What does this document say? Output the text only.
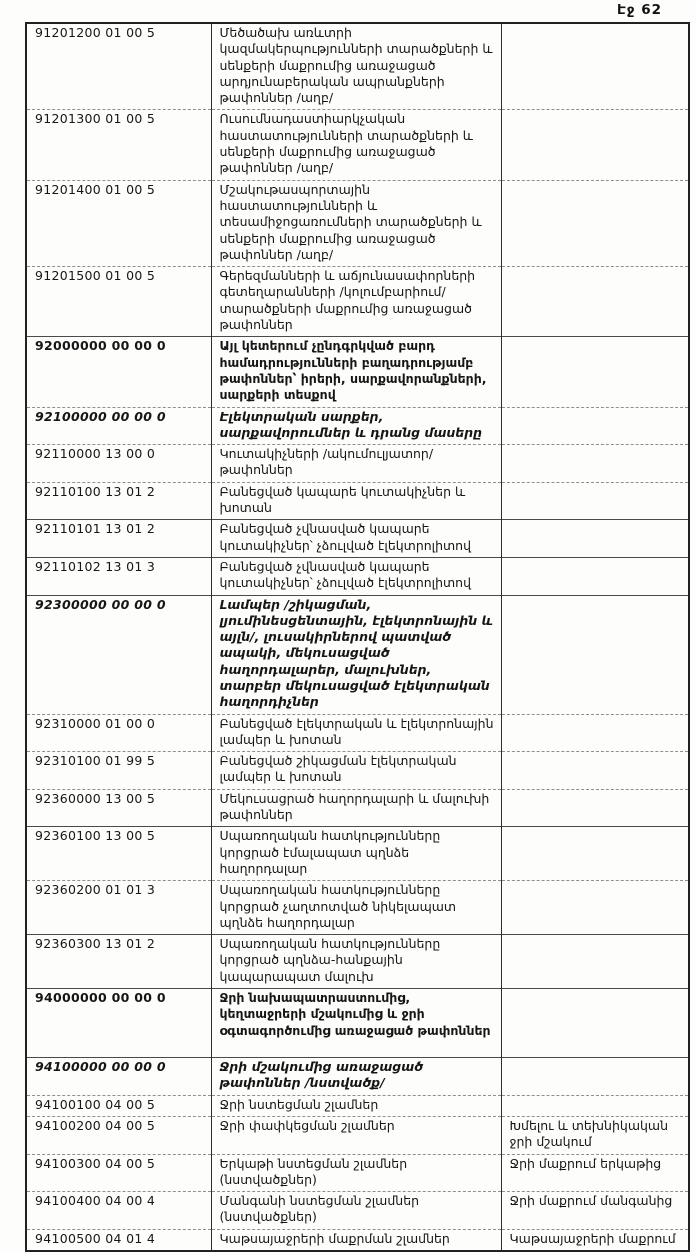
Էջ 62
91201200 01 00 5	Մեծածախ առևտրի կազմակերպությունների տարածքների և սենքերի մաքրումից առաջացած արդյունաբերական ապրանքների թափոններ /աղբ/	
91201300 01 00 5	Ուսումնադաստիարկչական հաստատությունների տարածքների և սենքերի մաքրումից առաջացած թափոններ /աղբ/	
91201400 01 00 5	Մշակութասպորտային հաստատությունների և տեսամիջոցառումների տարածքների և սենքերի մաքրումից առաջացած թափոններ /աղբ/	
91201500 01 00 5	Գերեզմանների և աճյունասափորների գետեղարանների /կոլումբարիում/ տարածքների մաքրումից առաջացած թափոններ	
92000000 00 00 0	Այլ կետերում չընդգրկված բարդ համադրությունների բաղադրությամբ թափոններ՝ իրերի, սարքավորանքների, սարքերի տեսքով	
92100000 00 00 0	Էլեկտրական սարքեր, սարքավորումներ և դրանց մասերը	
92110000 13 00 0	Կուտակիչների /ակումուլյատոր/ թափոններ	
92110100 13 01 2	Բանեցված կապարե կուտակիչներ և խոտան	
92110101 13 01 2	Բանեցված չվնասված կապարե կուտակիչներ՝ չձուլված էլեկտրոլիտով	
92110102 13 01 3	Բանեցված չվնասված կապարե կուտակիչներ՝ չձուլված էլեկտրոլիտով	
92300000 00 00 0	Լամպեր /շիկացման, լյումինեսցենտային, էլեկտրոնային և այլն/, լուսակիրներով պատված ապակի, մեկուսացված հաղորդալարեր, մալուխներ, տարբեր մեկուսացված էլեկտրական հաղորդիչներ	
92310000 01 00 0	Բանեցված էլեկտրական և էլեկտրոնային լամպեր և խոտան	
92310100 01 99 5	Բանեցված շիկացման էլեկտրական լամպեր և խոտան	
92360000 13 00 5	Մեկուսացրած հաղորդալարի և մալուխի թափոններ	
92360100 13 00 5	Սպառողական հատկությունները կորցրած էմալապատ պղնձե հաղորդալար	
92360200 01 01 3	Սպառողական հատկությունները կորցրած չաղտոտված նիկելապատ պղնձե հաղորդալար	
92360300 13 01 2	Սպառողական հատկությունները կորցրած պղնձա-հանքային կապարապատ մալուխ	
94000000 00 00 0	Ջրի նախապատրաստումից, կեղտաջրերի մշակումից և ջրի օգտագործումից առաջացած թափոններ	
94100000 00 00 0	Ջրի մշակումից առաջացած թափոններ /նստվածք/	
94100100 04 00 5	Ջրի նստեցման շլամներ	
94100200 04 00 5	Ջրի փափկեցման շլամներ	Խմելու և տեխնիկական ջրի մշակում
94100300 04 00 5	Երկաթի նստեցման շլամներ (նստվածքներ)	Ջրի մաքրում երկաթից
94100400 04 00 4	Մանգանի նստեցման շլամներ (նստվածքներ)	Ջրի մաքրում մանգանից
94100500 04 01 4	Կաթսայաջրերի մաքրման շլամներ	Կաթսայաջրերի մաքրում
